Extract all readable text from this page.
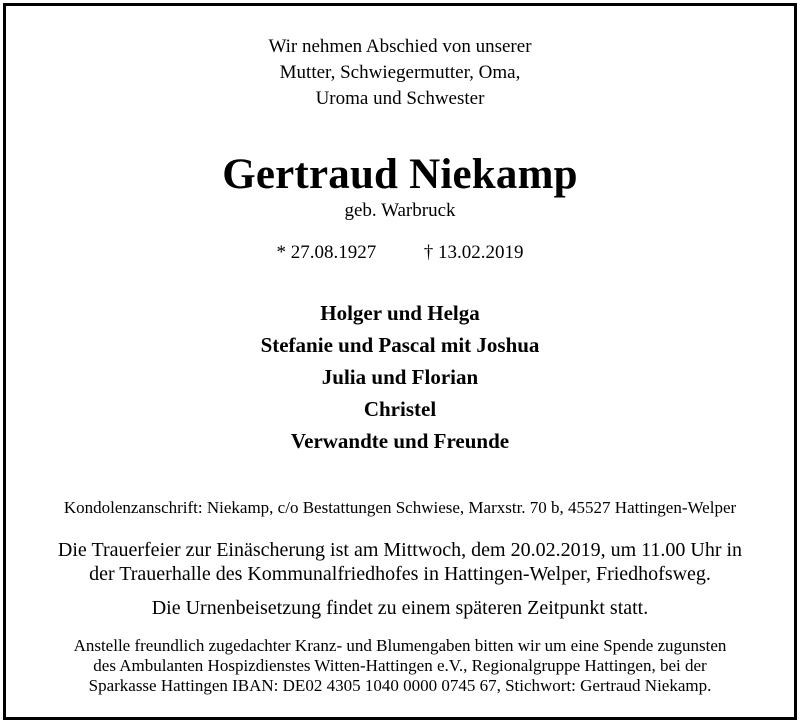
Wir nehmen Abschied von unserer
Mutter, Schwiegermutter, Oma,
Uroma und Schwester
Gertraud Niekamp
geb. Warbruck
* 27.08.1927	† 13.02.2019
Holger und Helga
Stefanie und Pascal mit Joshua
Julia und Florian
Christel
Verwandte und Freunde
Kondolenzanschrift: Niekamp, c/o Bestattungen Schwiese, Marxstr. 70 b, 45527 Hattingen-Welper
Die Trauerfeier zur Einäscherung ist am Mittwoch, dem 20.02.2019, um 11.00 Uhr in
der Trauerhalle des Kommunalfriedhofes in Hattingen-Welper, Friedhofsweg.
Die Urnenbeisetzung findet zu einem späteren Zeitpunkt statt.
Anstelle freundlich zugedachter Kranz- und Blumengaben bitten wir um eine Spende zugunsten
des Ambulanten Hospizdienstes Witten-Hattingen e.V., Regionalgruppe Hattingen, bei der
Sparkasse Hattingen IBAN: DE02 4305 1040 0000 0745 67, Stichwort: Gertraud Niekamp.
